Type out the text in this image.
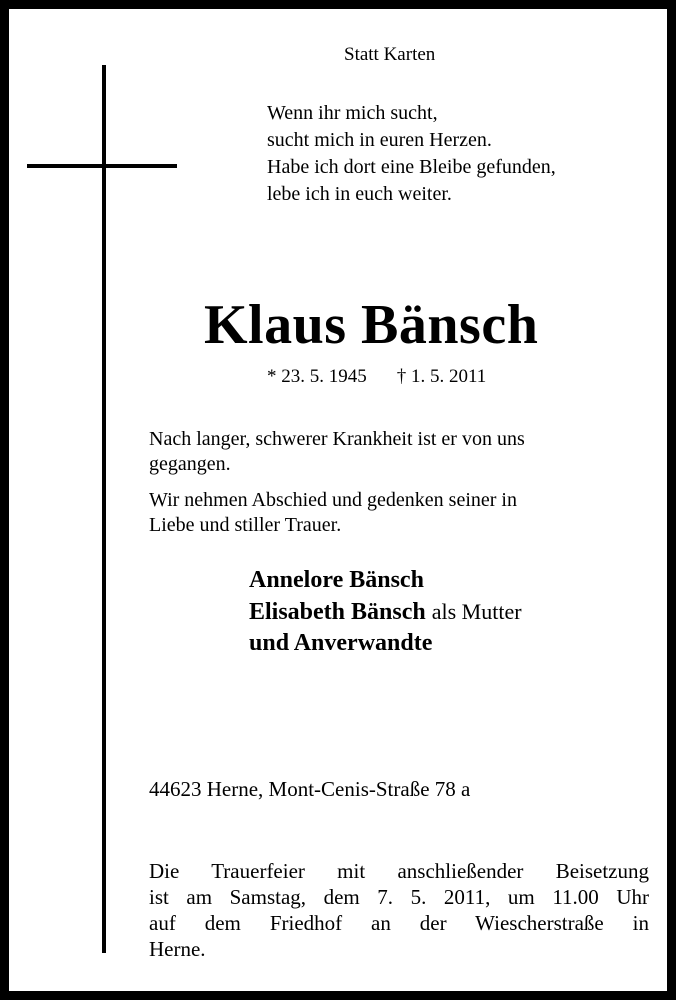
Statt Karten
Wenn ihr mich sucht,
sucht mich in euren Herzen.
Habe ich dort eine Bleibe gefunden,
lebe ich in euch weiter.
Klaus Bänsch
* 23. 5. 1945 † 1. 5. 2011
Nach langer, schwerer Krankheit ist er von uns
gegangen.
Wir nehmen Abschied und gedenken seiner in
Liebe und stiller Trauer.
Annelore Bänsch
Elisabeth Bänsch als Mutter
und Anverwandte
44623 Herne, Mont-Cenis-Straße 78 a
Die Trauerfeier mit anschließender Beisetzung
ist am Samstag, dem 7. 5. 2011, um 11.00 Uhr
auf dem Friedhof an der Wiescherstraße in
Herne.
